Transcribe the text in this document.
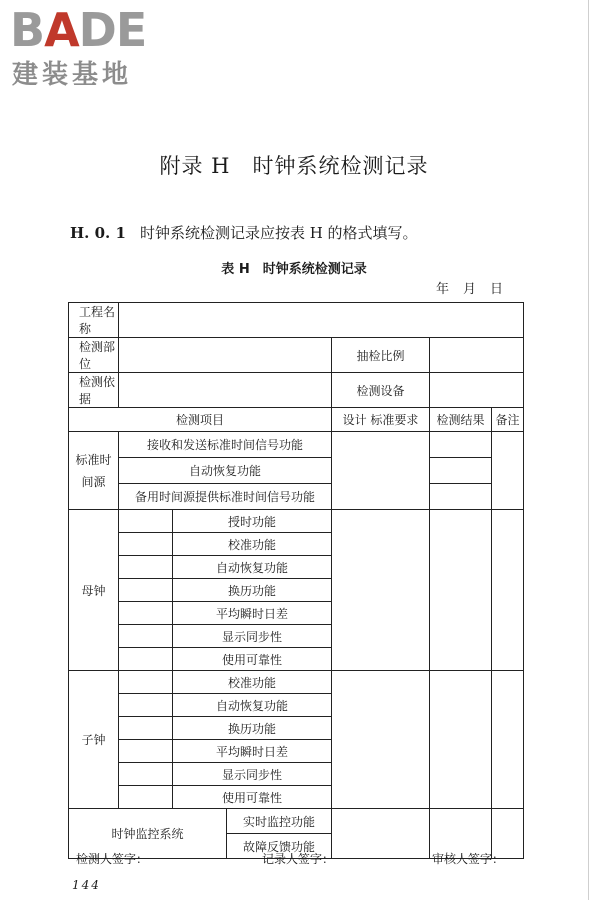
BADE
建装基地
附录 H　时钟系统检测记录
H. 0. 1 时钟系统检测记录应按表 H 的格式填写。
表 H　时钟系统检测记录
年月日
工程名称						
检测部位				抽检比例		
检测依据				检测设备		
检测项目				设计 标准要求	检测结果	备注
标准时间源	接收和发送标准时间信号功能					
	自动恢复功能					
	备用时间源提供标准时间信号功能					
母钟		授时功能				
		校准功能				
		自动恢复功能				
		换历功能				
		平均瞬时日差				
		显示同步性				
		使用可靠性				
子钟		校准功能				
		自动恢复功能				
		换历功能				
		平均瞬时日差				
		显示同步性				
		使用可靠性				
时钟监控系统			实时监控功能			
			故障反馈功能			
检测人签字：	记录人签字：	审核人签字：
144
